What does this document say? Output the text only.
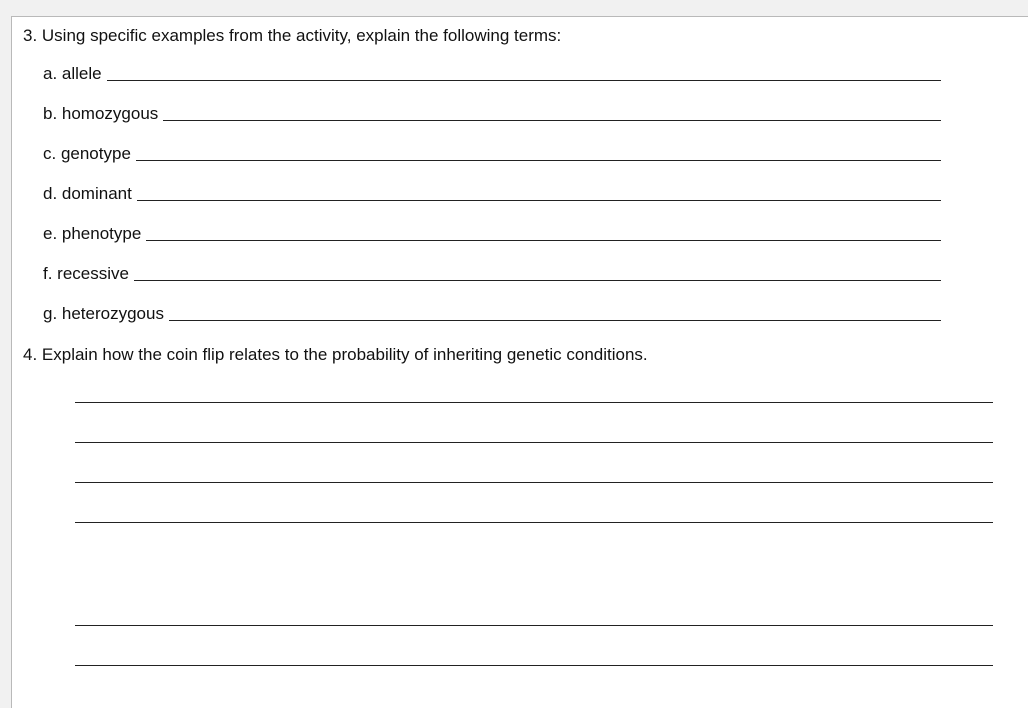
3. Using specific examples from the activity, explain the following terms:
a. allele
b. homozygous
c. genotype
d. dominant
e. phenotype
f. recessive
g. heterozygous
4. Explain how the coin flip relates to the probability of inheriting genetic conditions.
